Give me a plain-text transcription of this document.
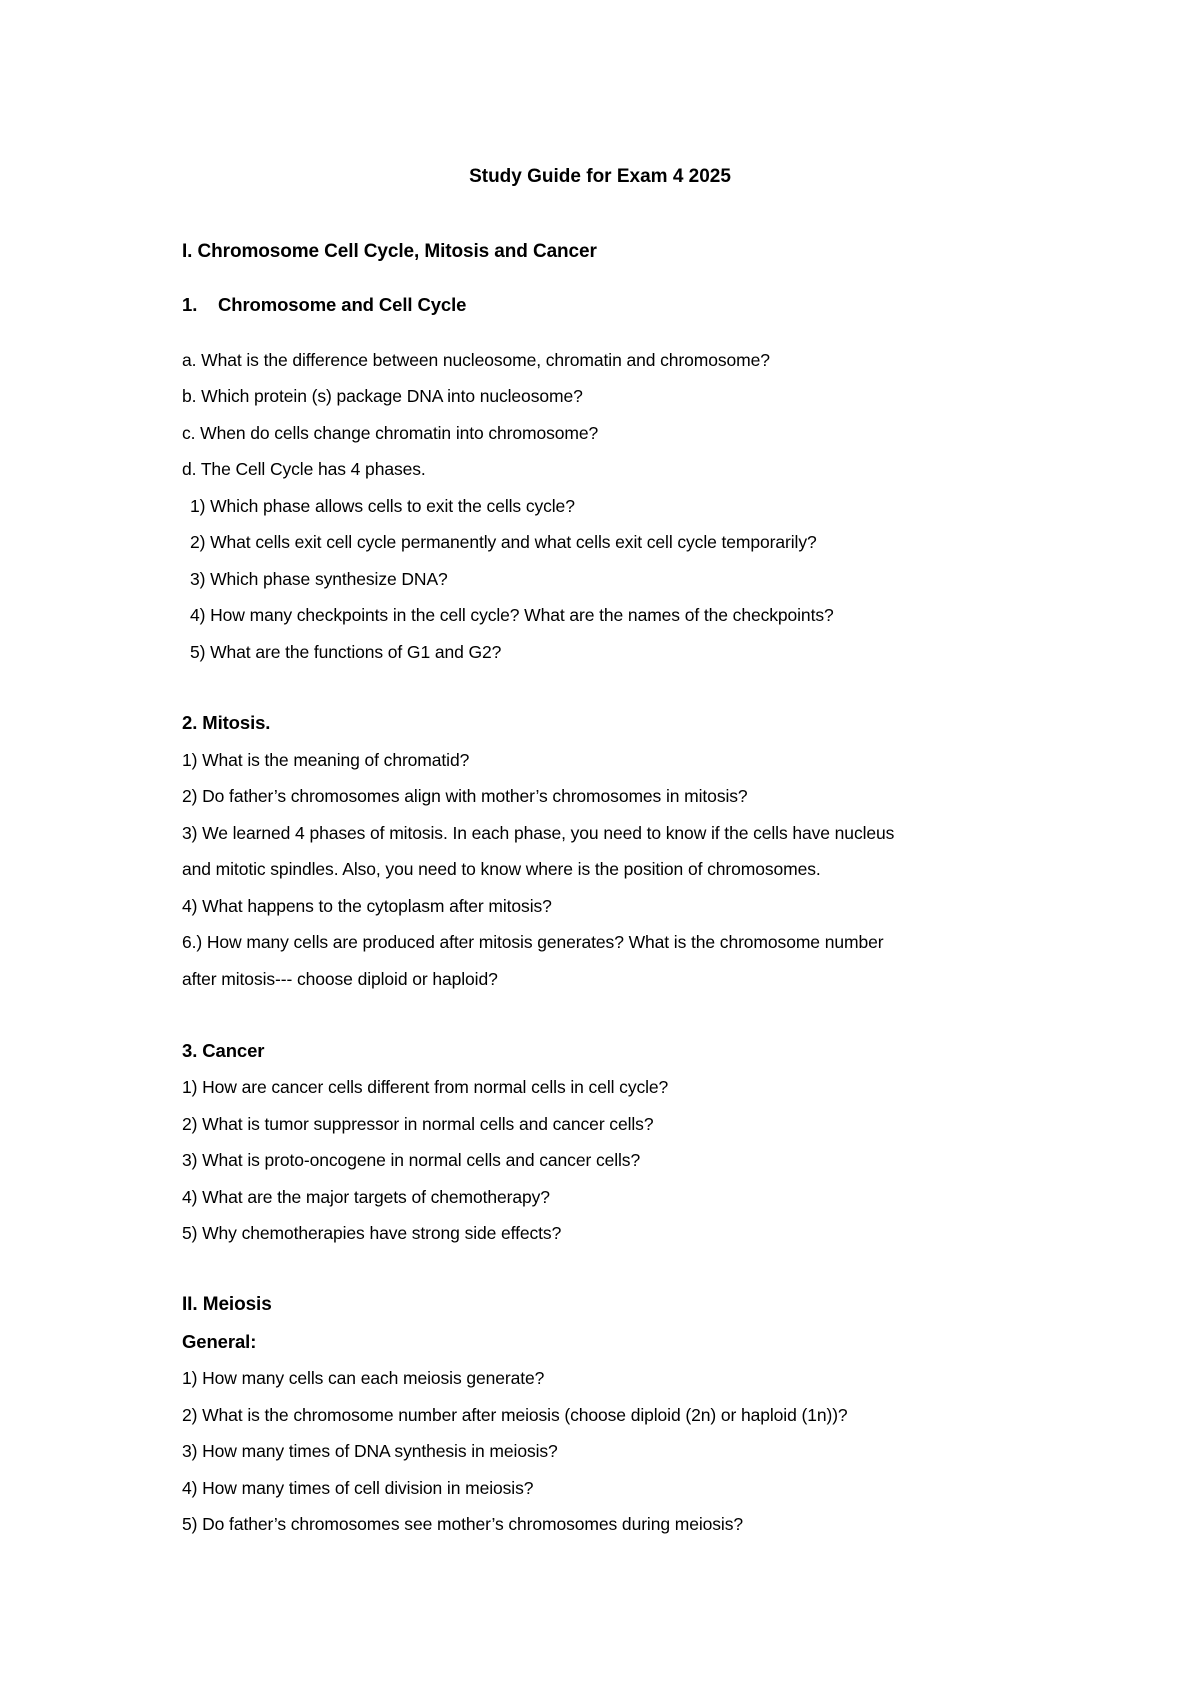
Study Guide for Exam 4 2025
I. Chromosome Cell Cycle, Mitosis and Cancer
1. Chromosome and Cell Cycle
a. What is the difference between nucleosome, chromatin and chromosome?
b. Which protein (s) package DNA into nucleosome?
c. When do cells change chromatin into chromosome?
d. The Cell Cycle has 4 phases.
1) Which phase allows cells to exit the cells cycle?
2) What cells exit cell cycle permanently and what cells exit cell cycle temporarily?
3) Which phase synthesize DNA?
4) How many checkpoints in the cell cycle? What are the names of the checkpoints?
5) What are the functions of G1 and G2?
2. Mitosis.
1) What is the meaning of chromatid?
2) Do father’s chromosomes align with mother’s chromosomes in mitosis?
3) We learned 4 phases of mitosis. In each phase, you need to know if the cells have nucleus
and mitotic spindles. Also, you need to know where is the position of chromosomes.
4) What happens to the cytoplasm after mitosis?
6.) How many cells are produced after mitosis generates? What is the chromosome number
after mitosis--- choose diploid or haploid?
3. Cancer
1) How are cancer cells different from normal cells in cell cycle?
2) What is tumor suppressor in normal cells and cancer cells?
3) What is proto-oncogene in normal cells and cancer cells?
4) What are the major targets of chemotherapy?
5) Why chemotherapies have strong side effects?
II. Meiosis
General:
1) How many cells can each meiosis generate?
2) What is the chromosome number after meiosis (choose diploid (2n) or haploid (1n))?
3) How many times of DNA synthesis in meiosis?
4) How many times of cell division in meiosis?
5) Do father’s chromosomes see mother’s chromosomes during meiosis?
